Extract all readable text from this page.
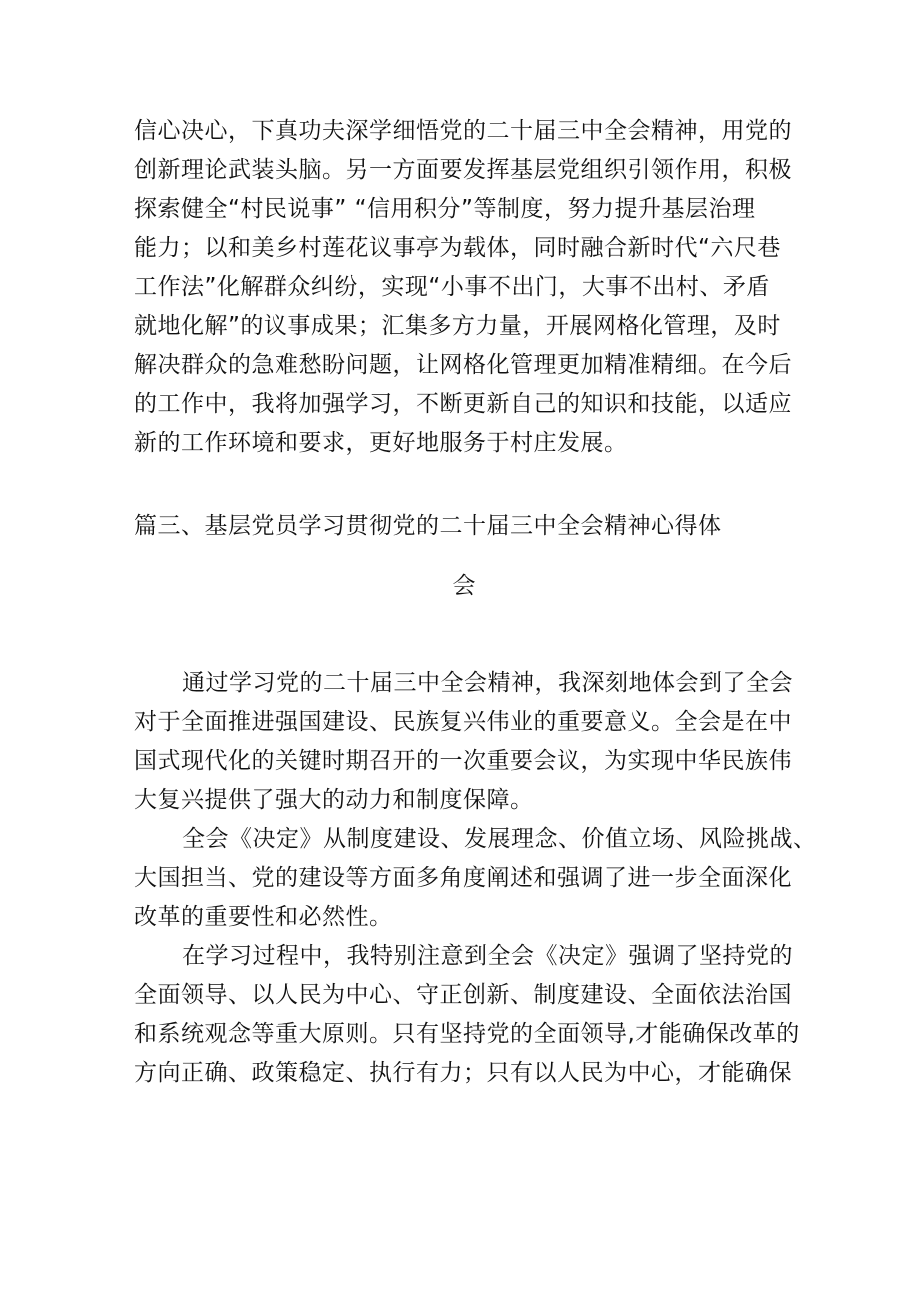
信心决心，下真功夫深学细悟党的二十届三中全会精神，用党的
创新理论武装头脑。另一方面要发挥基层党组织引领作用，积极
探索健全“村民说事” “信用积分”等制度，努力提升基层治理
能力；以和美乡村莲花议事亭为载体，同时融合新时代“六尺巷
工作法”化解群众纠纷，实现“小事不出门，大事不出村、矛盾
就地化解”的议事成果；汇集多方力量，开展网格化管理，及时
解决群众的急难愁盼问题，让网格化管理更加精准精细。在今后
的工作中，我将加强学习，不断更新自己的知识和技能，以适应
新的工作环境和要求，更好地服务于村庄发展。
篇三、基层党员学习贯彻党的二十届三中全会精神心得体
会
通过学习党的二十届三中全会精神，我深刻地体会到了全会
对于全面推进强国建设、民族复兴伟业的重要意义。全会是在中
国式现代化的关键时期召开的一次重要会议，为实现中华民族伟
大复兴提供了强大的动力和制度保障。
全会《决定》从制度建设、发展理念、价值立场、风险挑战、
大国担当、党的建设等方面多角度阐述和强调了进一步全面深化
改革的重要性和必然性。
在学习过程中，我特别注意到全会《决定》强调了坚持党的
全面领导、以人民为中心、守正创新、制度建设、全面依法治国
和系统观念等重大原则。只有坚持党的全面领导,才能确保改革的
方向正确、政策稳定、执行有力；只有以人民为中心，才能确保
